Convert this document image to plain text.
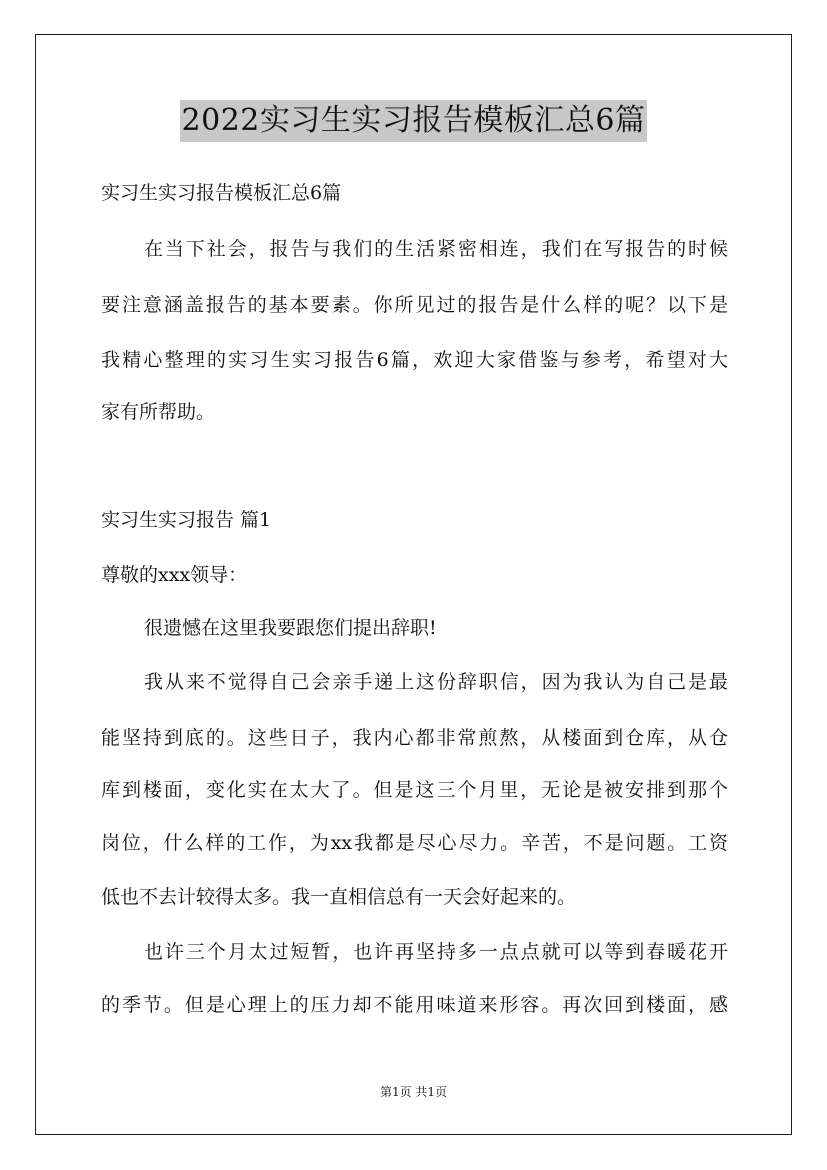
2022实习生实习报告模板汇总6篇
实习生实习报告模板汇总6篇
在当下社会，报告与我们的生活紧密相连，我们在写报告的时候
要注意涵盖报告的基本要素。你所见过的报告是什么样的呢？以下是
我精心整理的实习生实习报告6篇，欢迎大家借鉴与参考，希望对大
家有所帮助。
实习生实习报告 篇1
尊敬的xxx领导：
很遗憾在这里我要跟您们提出辞职!
我从来不觉得自己会亲手递上这份辞职信，因为我认为自己是最
能坚持到底的。这些日子，我内心都非常煎熬，从楼面到仓库，从仓
库到楼面，变化实在太大了。但是这三个月里，无论是被安排到那个
岗位，什么样的工作，为xx我都是尽心尽力。辛苦，不是问题。工资
低也不去计较得太多。我一直相信总有一天会好起来的。
也许三个月太过短暂，也许再坚持多一点点就可以等到春暖花开
的季节。但是心理上的压力却不能用味道来形容。再次回到楼面，感
第1页 共1页
